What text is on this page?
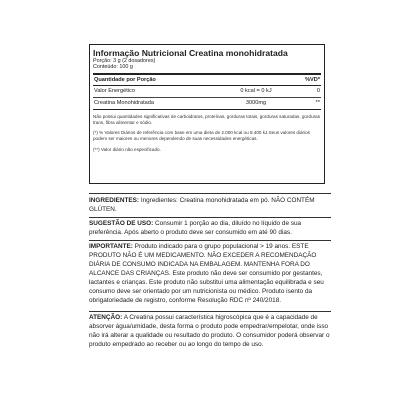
Informação Nutricional Creatina monohidratada
Porção: 3 g (2 dosadores)
Conteúdo: 100 g
Quantidade por Porção		%VD*
Valor Energético	0 kcal = 0 kJ	0
Creatina Monohidratada	3000mg	**
Não possui quantidades significativas de carboidratos, proteínas, gorduras totais, gorduras saturadas, gorduras trans, fibra alimentar e sódio.
(*) % Valores Diários de referência com base em uma dieta de 2.000 kcal ou 8.400 kJ.Seus valores diários podem ser maiores ou menores dependendo de suas necessidades energéticas.
(**) Valor diário não especificado.
INGREDIENTES: Ingredientes: Creatina monohidratada em pó. NÃO CONTÉM GLÚTEN.
SUGESTÃO DE USO: Consumir 1 porção ao dia, diluído no líquido de sua preferência. Após aberto o produto deve ser consumido em até 90 dias.
IMPORTANTE: Produto indicado para o grupo populacional > 19 anos. ESTE PRODUTO NÃO É UM MEDICAMENTO. NÃO EXCEDER A RECOMENDAÇÃO DIÁRIA DE CONSUMO INDICADA NA EMBALAGEM. MANTENHA FORA DO ALCANCE DAS CRIANÇAS. Este produto não deve ser consumido por gestantes, lactantes e crianças. Este produto não substitui uma alimentação equilibrada e seu consumo deve ser orientado por um nutricionista ou médico. Produto isento da obrigatoriedade de registro, conforme Resolução RDC nº 240/2018.
ATENÇÃO: A Creatina possui característica higroscópica que é a capacidade de absorver água/umidade, desta forma o produto pode empedrar/empelotar, onde isso não irá alterar a qualidade ou resultado do produto. O consumidor poderá observar o produto empedrado ao receber ou ao longo do tempo de uso.
